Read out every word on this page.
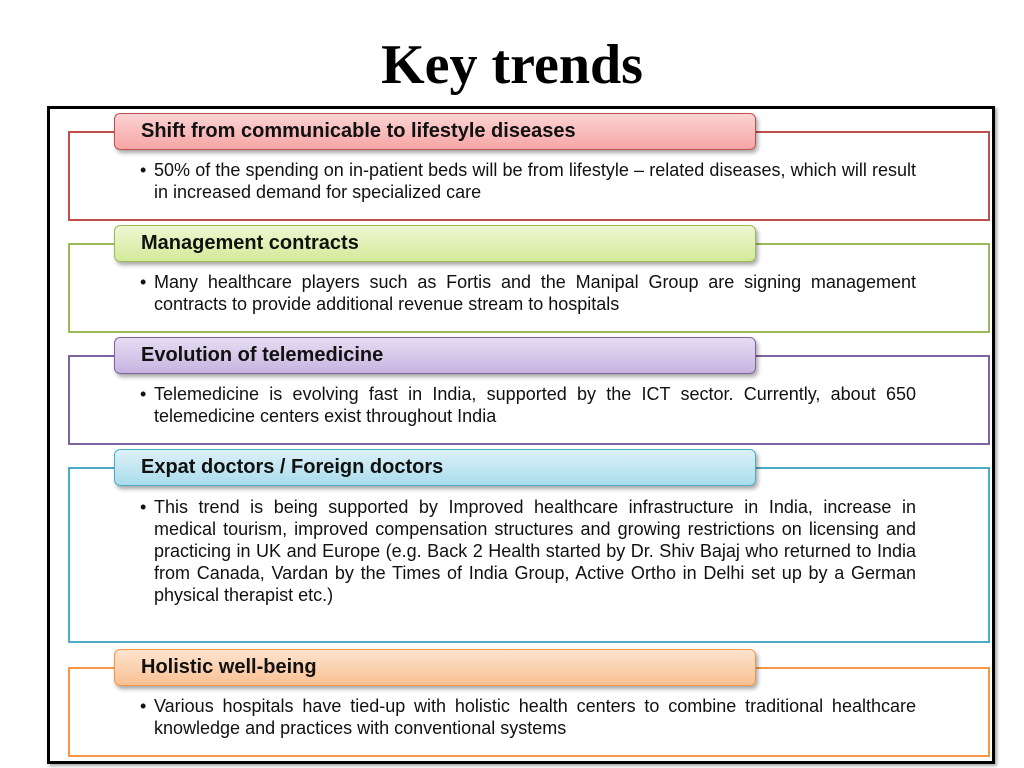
Key trends
Shift from communicable to lifestyle diseases
• 50% of the spending on in-patient beds will be from lifestyle – related diseases, which will result in increased demand for specialized care
Management contracts
• Many healthcare players such as Fortis and the Manipal Group are signing management contracts to provide additional revenue stream to hospitals
Evolution of telemedicine
• Telemedicine is evolving fast in India, supported by the ICT sector. Currently, about 650 telemedicine centers exist throughout India
Expat doctors / Foreign doctors
• This trend is being supported by Improved healthcare infrastructure in India, increase in medical tourism, improved compensation structures and growing restrictions on licensing and practicing in UK and Europe (e.g. Back 2 Health started by Dr. Shiv Bajaj who returned to India from Canada, Vardan by the Times of India Group, Active Ortho in Delhi set up by a German physical therapist etc.)
Holistic well-being
• Various hospitals have tied-up with holistic health centers to combine traditional healthcare knowledge and practices with conventional systems
